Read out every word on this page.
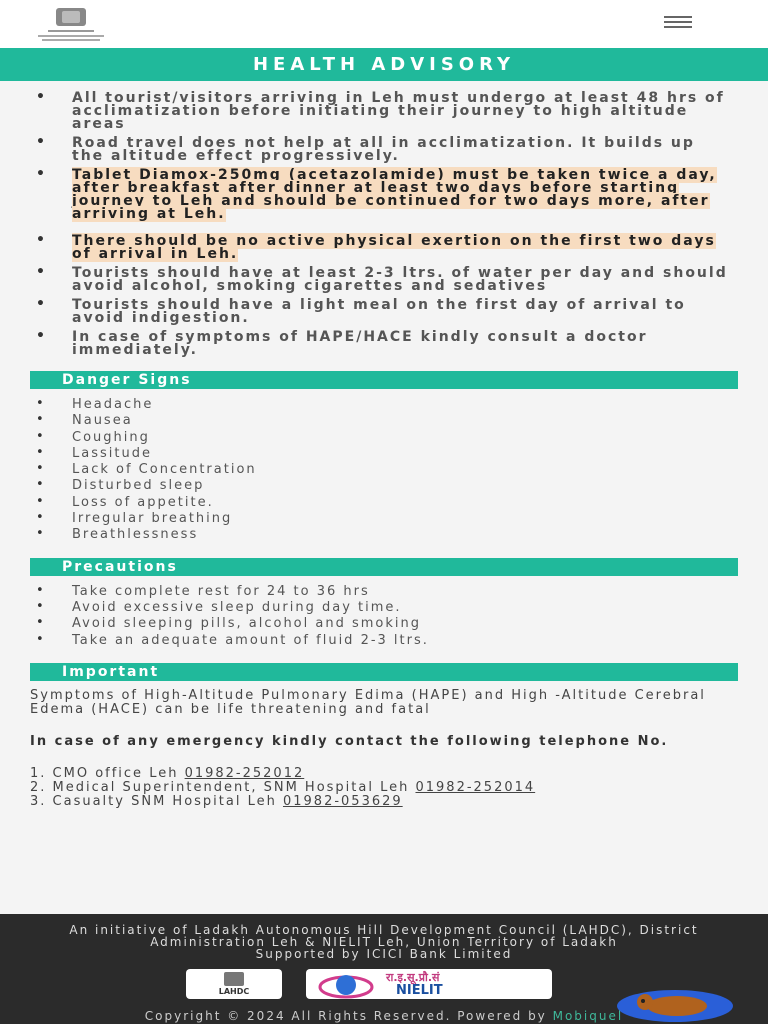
HEALTH ADVISORY
• All tourist/visitors arriving in Leh must undergo at least 48 hrs of acclimatization before initiating their journey to high altitude areas
• Road travel does not help at all in acclimatization. It builds up the altitude effect progressively.
• Tablet Diamox-250mg (acetazolamide) must be taken twice a day, after breakfast after dinner at least two days before starting journey to Leh and should be continued for two days more, after arriving at Leh.
• There should be no active physical exertion on the first two days of arrival in Leh.
• Tourists should have at least 2-3 ltrs. of water per day and should avoid alcohol, smoking cigarettes and sedatives
• Tourists should have a light meal on the first day of arrival to avoid indigestion.
• In case of symptoms of HAPE/HACE kindly consult a doctor immediately.
Danger Signs
• Headache
• Nausea
• Coughing
• Lassitude
• Lack of Concentration
• Disturbed sleep
• Loss of appetite.
• Irregular breathing
• Breathlessness
Precautions
• Take complete rest for 24 to 36 hrs
• Avoid excessive sleep during day time.
• Avoid sleeping pills, alcohol and smoking
• Take an adequate amount of fluid 2-3 ltrs.
Important
Symptoms of High-Altitude Pulmonary Edima (HAPE) and High -Altitude Cerebral Edema (HACE) can be life threatening and fatal
In case of any emergency kindly contact the following telephone No.
1. CMO office Leh 01982-252012
2. Medical Superintendent, SNM Hospital Leh 01982-252014
3. Casualty SNM Hospital Leh 01982-053629
An initiative of Ladakh Autonomous Hill Development Council (LAHDC), District Administration Leh & NIELIT Leh, Union Territory of Ladakh
Supported by ICICI Bank Limited
LAHDC
रा.इ.सू.प्रौ.सं
NIELIT
Copyright © 2024 All Rights Reserved. Powered by Mobiquel
